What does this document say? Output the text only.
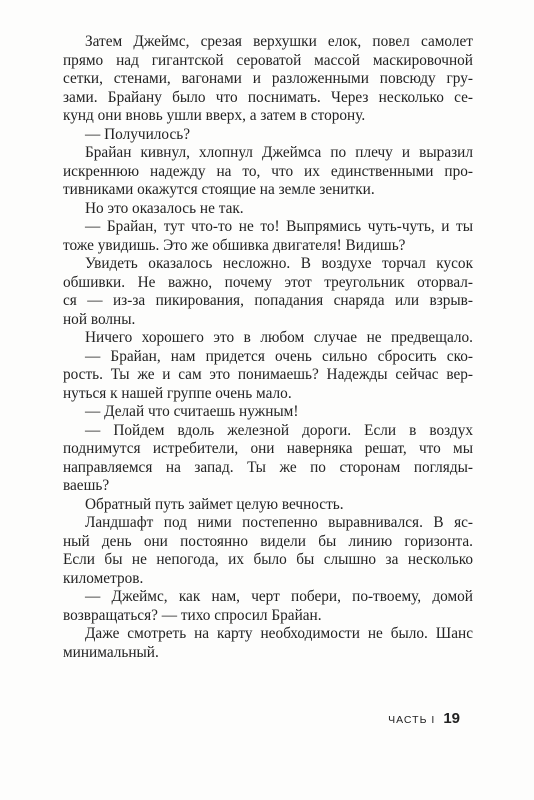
Затем Джеймс, срезая верхушки елок, повел самолет
прямо над гигантской сероватой массой маскировочной
сетки, стенами, вагонами и разложенными повсюду гру-
зами. Брайану было что поснимать. Через несколько се-
кунд они вновь ушли вверх, а затем в сторону.
— Получилось?
Брайан кивнул, хлопнул Джеймса по плечу и выразил
искреннюю надежду на то, что их единственными про-
тивниками окажутся стоящие на земле зенитки.
Но это оказалось не так.
— Брайан, тут что-то не то! Выпрямись чуть-чуть, и ты
тоже увидишь. Это же обшивка двигателя! Видишь?
Увидеть оказалось несложно. В воздухе торчал кусок
обшивки. Не важно, почему этот треугольник оторвал-
ся — из-за пикирования, попадания снаряда или взрыв-
ной волны.
Ничего хорошего это в любом случае не предвещало.
— Брайан, нам придется очень сильно сбросить ско-
рость. Ты же и сам это понимаешь? Надежды сейчас вер-
нуться к нашей группе очень мало.
— Делай что считаешь нужным!
— Пойдем вдоль железной дороги. Если в воздух
поднимутся истребители, они наверняка решат, что мы
направляемся на запад. Ты же по сторонам погляды-
ваешь?
Обратный путь займет целую вечность.
Ландшафт под ними постепенно выравнивался. В яс-
ный день они постоянно видели бы линию горизонта.
Если бы не непогода, их было бы слышно за несколько
километров.
— Джеймс, как нам, черт побери, по-твоему, домой
возвращаться? — тихо спросил Брайан.
Даже смотреть на карту необходимости не было. Шанс
минимальный.
ЧАСТЬ I 19
